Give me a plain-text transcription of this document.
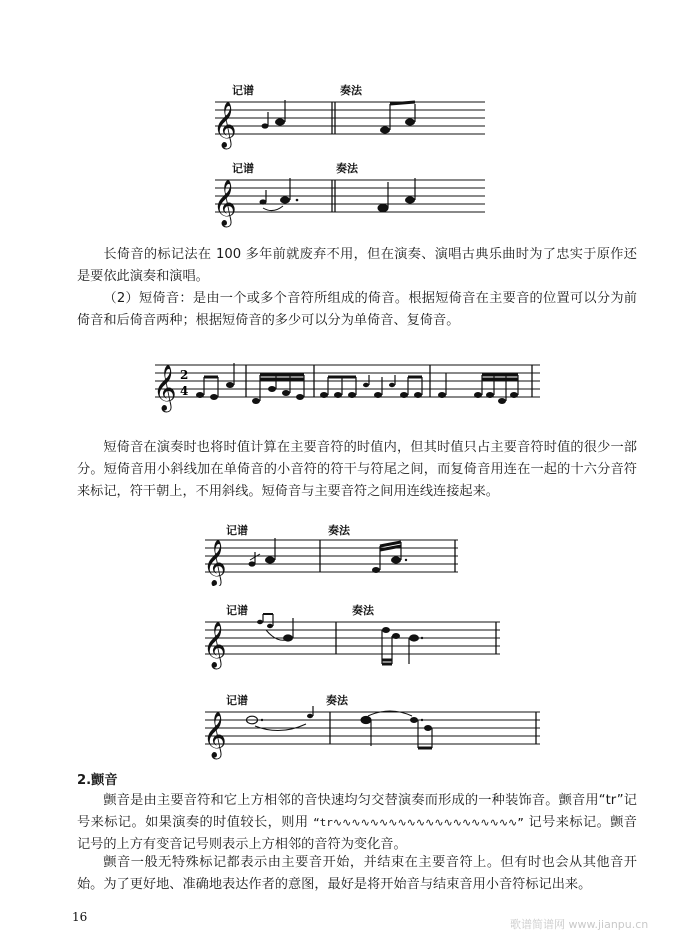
记谱	奏法
𝄞
记谱	奏法
𝄞
长倚音的标记法在 100 多年前就废弃不用，但在演奏、演唱古典乐曲时为了忠实于原作还是要依此演奏和演唱。
（2）短倚音：是由一个或多个音符所组成的倚音。根据短倚音在主要音的位置可以分为前倚音和后倚音两种；根据短倚音的多少可以分为单倚音、复倚音。
𝄞 2
4
短倚音在演奏时也将时值计算在主要音符的时值内，但其时值只占主要音符时值的很少一部分。短倚音用小斜线加在单倚音的小音符的符干与符尾之间，而复倚音用连在一起的十六分音符来标记，符干朝上，不用斜线。短倚音与主要音符之间用连线连接起来。
记谱	奏法
𝄞
记谱	奏法
𝄞
记谱	奏法
𝄞
2.颤音
颤音是由主要音符和它上方相邻的音快速均匀交替演奏而形成的一种装饰音。颤音用“tr”记号来标记。如果演奏的时值较长，则用 “tr∿∿∿∿∿∿∿∿∿∿∿∿∿∿∿∿∿∿∿∿” 记号来标记。颤音记号的上方有变音记号则表示上方相邻的音符为变化音。
颤音一般无特殊标记都表示由主要音开始，并结束在主要音符上。但有时也会从其他音开始。为了更好地、准确地表达作者的意图，最好是将开始音与结束音用小音符标记出来。
16
歌谱简谱网 www.jianpu.cn
